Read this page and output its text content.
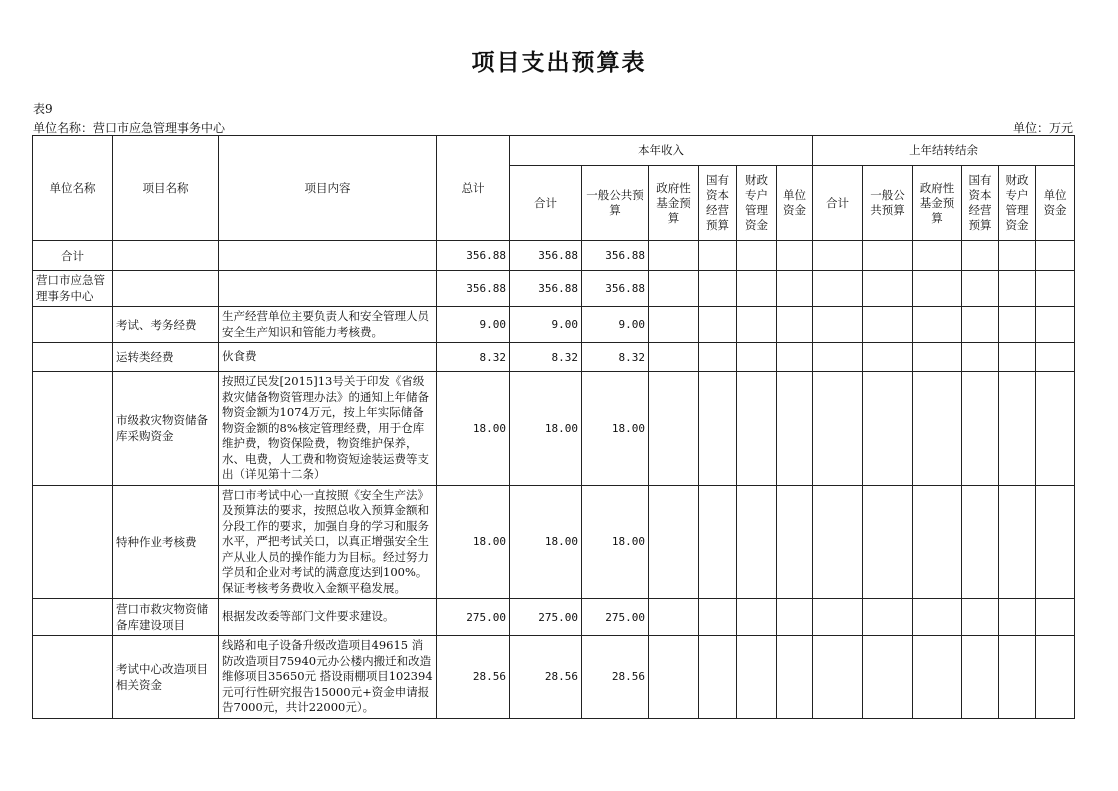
项目支出预算表
表9
单位名称：营口市应急管理事务中心	单位：万元
单位名称	项目名称	项目内容	总计	本年收入						上年结转结余					
				合计	一般公共预算	政府性基金预算	国有资本经营预算	财政专户管理资金	单位资金	合计	一般公共预算	政府性基金预算	国有资本经营预算	财政专户管理资金	单位资金
合计			356.88	356.88	356.88										
营口市应急管理事务中心			356.88	356.88	356.88										
	考试、考务经费	生产经营单位主要负责人和安全管理人员安全生产知识和管能力考核费。	9.00	9.00	9.00										
	运转类经费	伙食费	8.32	8.32	8.32										
	市级救灾物资储备库采购资金	按照辽民发[2015]13号关于印发《省级救灾储备物资管理办法》的通知上年储备物资金额为1074万元，按上年实际储备物资金额的8%核定管理经费，用于仓库维护费，物资保险费，物资维护保养，水、电费，人工费和物资短途装运费等支出（详见第十二条）	18.00	18.00	18.00										
	特种作业考核费	营口市考试中心一直按照《安全生产法》及预算法的要求，按照总收入预算金额和分段工作的要求，加强自身的学习和服务水平，严把考试关口，以真正增强安全生产从业人员的操作能力为目标。经过努力学员和企业对考试的满意度达到100%。保证考核考务费收入金额平稳发展。	18.00	18.00	18.00										
	营口市救灾物资储备库建设项目	根据发改委等部门文件要求建设。	275.00	275.00	275.00										
	考试中心改造项目相关资金	线路和电子设备升级改造项目49615 消防改造项目75940元办公楼内搬迁和改造维修项目35650元 搭设雨棚项目102394元可行性研究报告15000元+资金申请报告7000元，共计22000元）。	28.56	28.56	28.56										
